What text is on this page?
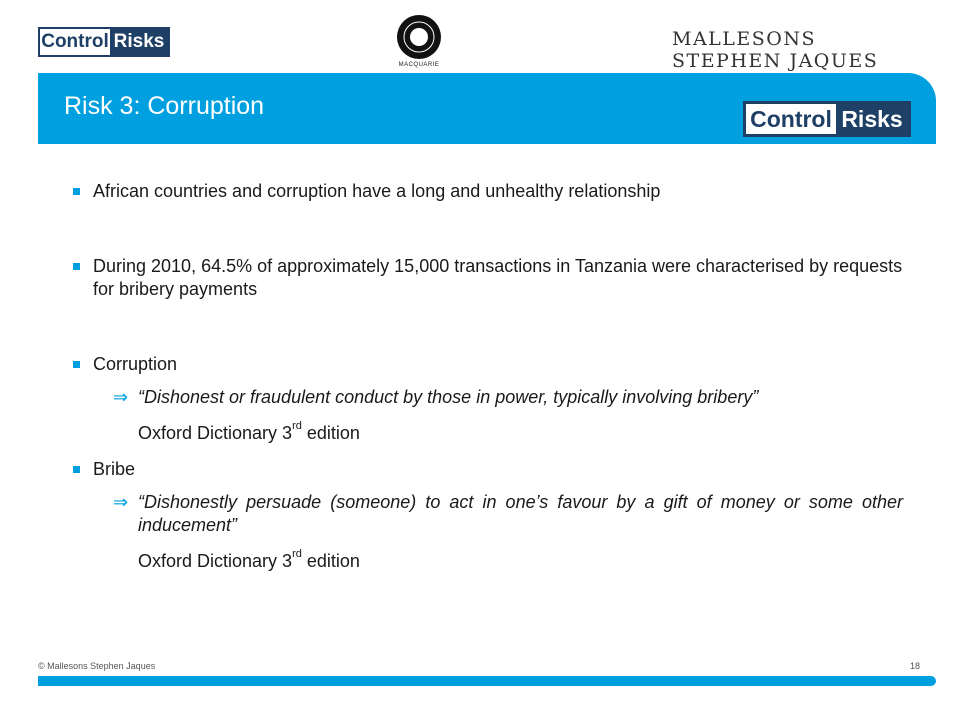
Control Risks
MACQUARIE
MALLESONS STEPHEN JAQUES
Risk 3: Corruption	Control Risks
African countries and corruption have a long and unhealthy relationship
During 2010, 64.5% of approximately 15,000 transactions in Tanzania were characterised by requests for bribery payments
Corruption
⇒ “Dishonest or fraudulent conduct by those in power, typically involving bribery”
Oxford Dictionary 3rd edition
Bribe
⇒ “Dishonestly persuade (someone) to act in one’s favour by a gift of money or some other inducement”
Oxford Dictionary 3rd edition
© Mallesons Stephen Jaques	18
